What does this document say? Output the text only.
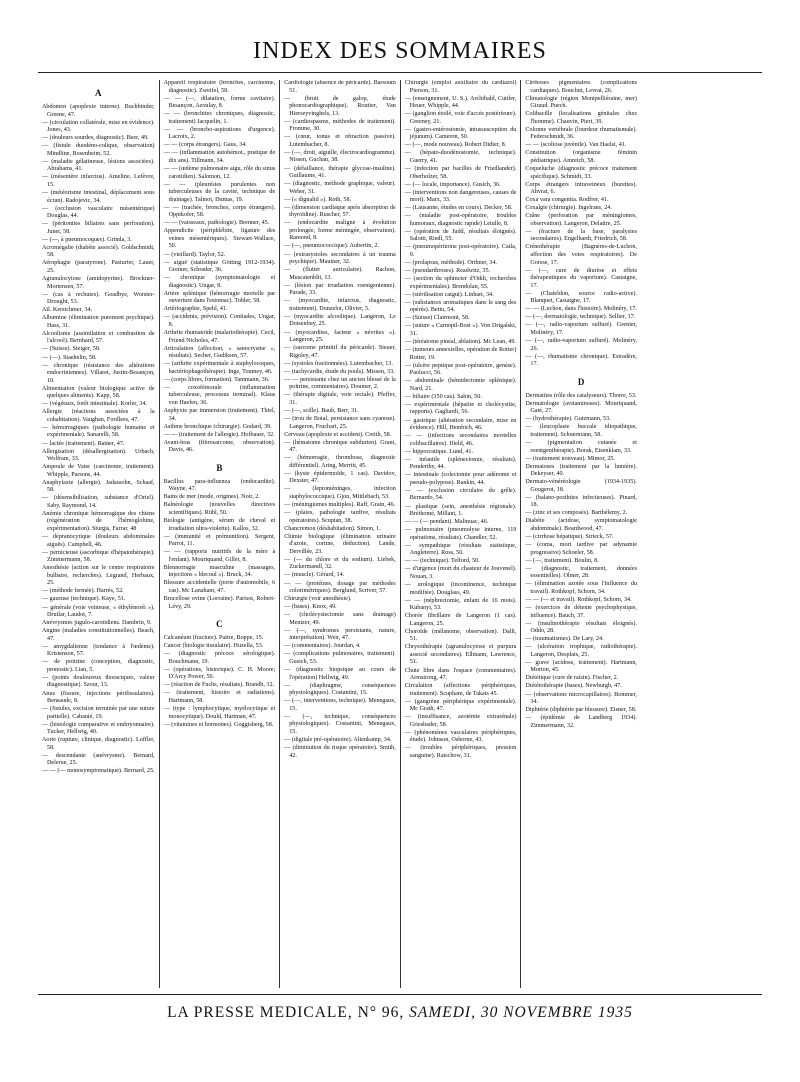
INDEX DES SOMMAIRES
A

Abdomen (apoplexie interne). Buchbinder, Greene, 47.

— (circulation collatérale, mise en évidence). Jones, 43.

— (douleurs sourdes, diagnostic). Beer, 49.

— (fistule duodéno-colique, observation) Mindline, Rosenheim, 52.

— (maladie gélatineuse, lésions associées). Abrahams, 41.

— (mésentère infarctus). Ameline, Lefèvre, 15.

— (météorisme intestinal, déplacement sous écran). Radojevic, 34.

— (occlusion vasculaire mésentérique) Douglas, 44.

— (péritonites biliaires sans perforation). Junet, 58.

— (—, à pneumocoques). Grinda, 3.

Acromégalie (diabète associé). Goldschmidt, 58.

Aérophagie (paratyrone). Pasturier, Lauer, 25.

Agranulocytose (amidopyrine). Brockner-Mortensen, 57.

— (cas à rechutes). Goadbye, Worster-Drought, 53.

Aïl. Kerstchmer, 34.

Albumine (élimination purement psychique). Hass, 31.

Alcoolisme (assimilation et combustion de l'alcool). Bernhard, 57.

— (Suisse). Steiger, 58.

— (—). Staehelin, 58.

— chronique (résistance des altérations endocriniennes). Villaret, Justin-Besançon, 10.

Alimentation (valeur biologique active de quelques aliments). Kapp, 58.

— (végétaux, forêt intestinale). Korler, 34.

Allergie (réactions associées à la cohabitation). Vaughan, Fordlees, 47.

— hémorragiques (pathologie humaine et expérimentale). Sanarelli, 58.

— lactée (traitement). Ratner, 47.

Allergisation (désallergisation). Urbach, Wolfram, 33.

Ampoule de Vater (carcinome, traitement). Whipple, Parsons, 44.

Anaphylaxie (allergie). Jadassohn, Schaaf, 58.

— (désensibilisation, substance d'Oriel). Saby, Raymond, 14.

Anémie chronique hémorragique des chiens (régénération de l'hémoglobine, expérimentation). Sturgis, Farrar, 48

— dépranocytique (douleurs abdominales aiguës). Campbell, 46.

— pernicieuse (ascorbique d'hépatothérapie). Zimmermann, 58.

Anesthésie (action sur le centre respiratoire bulbaire, recherches). Legrand, Herbaux, 25.

— (méthode fermée). Harrès, 52.

— gazeuse (technique). Kaye, 51.

— générale (voie veineuse, « éthylénoréi »). Druilar, Laudot, 7.

Anévrysmes jugulo-carotidiens. Dambrin, 9.

Angine (maladies constitutionnelles). Beach, 47.

— amygdalienne (tendance à l'œdème). Kristenson, 57.

— de poitrine (conception, diagnostic, pronostic). Lian, 5.

— (points douloureux thoraciques, valeur diagnostique). Szour, 13.

Anus (fissure, injections périfissulaires). Bensaude, 8.

— (fistules, excision terminée par une suture partielle). Cabanié, 19.

— (histologie comparative et embryonnaire). Tucker, Hellwig, 40.

Aorte (rupture, clinique, diagnostic). Loffler, 58.

— descendante (anévrysme). Bernard, Delerue, 25.

— — (— monosymptomatique). Bernard, 25.

Appareil respiratoire (bronches, carcinome, diagnostic). Zweifel, 58.

— — (—, dilatation, forme cavitaire). Besançon, Azoulay, 8.

— — (bronchites chroniques, diagnostic, traitement) Jacquelin, 1.

— — (broncho-aspirations d'urgence). Lacroix, 2.

— — (corps étrangers). Gaus, 34.

— — (inflammation autohémot., pratique de dix ans). Tillmann, 34.

— — (œdème pulmonaire aigu, rôle du sinus carotidien). Salomon, 12.

— — (pleurésies purulentes non tuberculeuses de la cavité, technique de drainage). Talmot, Dumas, 19.

— — (trachée, bronches, corps étrangers). Oppikofer, 58.

— — (vaisseaux, pathologie). Brenner, 45.

Appendicite (périphlébite, ligature des veines mésentériques). Stewart-Wallace, 50.

— (vieillard). Taylor, 52.

— aiguë (statistique Götting 1912-1934). Greiner, Schrader, 36.

— chronique (symptomatologie et diagnostic). Ungar, 8.

Artère splénique (hémorragie mortelle par ouverture dans l'estomac). Tobler, 58.

Artériographie, Spehl, 41.

— (accidents, prévision). Contiades, Ungar, 8.

Arthrite rhumatoïde (malariothérapie). Cecil, Friend Nicholes, 47.

Articulation (affection, « sanocrysine », résultats). Secher, Gudiksen, 57.

— (arthrite expérimentale à staphylocoques, bactériophagothérapie). Inge, Toumey, 46.

— (corps libres, formation). Tammann, 36.

— coxofémorale (inflammation tuberculeuse, processus terminal). Klaus von Haefen, 36.

Asphyxie par immersion (traitement). Thiel, 34.

Asthme bronchique (chirurgie). Godard, 39.

— — (traitement de l'allergie). Hofbauer, 32.

Avant-bras (fibrosarcome, observation). Davis, 46.

B

Bacillus para-influenza (endocardite). Wayne, 47.

Bains de mer (mode, origines). Noir, 2.

Balnéologie (nouvelles directives scientifiques). Rühl, 50.

Biologie (antigène, sérum de cheval et irradiation ultra-violette). Kallos, 32.

— (immunité et prémunition). Sergent, Parrot, 11.

— — (rapports nutritifs de la mère à l'enfant). Mouriquand, Gillet, 8.

Blennorragie masculine (massages, injections « blecoul »). Bruck, 34.

Blessure accidentelle (porte d'automobile, 6 cas). Mc Lanaham, 47.

Brucellose ovine (Lorraine). Parisot, Robert-Lévy, 29.

C

Calcanéum (fracture). Paitre, Boppe, 15.

Cancer (biologie tissulaire). Huzella, 53.

— (diagnostic précoce sérologique). Bouchmann, 19.

— (opérations, historique). C. H. Moore; D'Arcy Power, 50.

— (réaction de Fuchs, résultats). Brandh, 32.

— (traitement, histoire et radiations). Hartmann, 58.

— (type : lymphocytique, myélocytique et monocytique). Dould, Hartman, 47.

— (vitamines et hormones). Goggisberg, 58.

Cardiologie (absence de péricarde). Barsoum 51.

— (bruit de galop, étude phonocardiographique). Routier, Van Hierseyvinghels, 13.

— (cardiospasme, méthodes de traitement). Fromme, 30.

— (cœur, tonus et rétraction passive). Lutembacher, 8.

— (—, droit, aiguille, électrocardiogramme). Nissen, Guchan, 38.

— (défaillance, thérapie glycose-insuline). Guillaume, 41.

— (diagnostic, méthode graphique, valeur). Weber, 31.

— (« dignalid »). Roth, 58.

— (dimension cardiaque après absorption de thyroïdine). Ruscher, 57.

— (endocardite maligne à évolution prolongée, forme méningée, observation). Ramond, 8.

— (—, pneumococcique). Aubertin, 2.

— (extrasystoles secondaires à un trauma psychique). Mautner, 32.

— (flutter auriculaire). Rachon, Muscatenblit, 13.

— (lésion par irradiation roentgenienne). Parade, 33.

— (myocardite, infarctus, diagnostic, traitement). Donzelot, Olivier, 5.

— (myocardite alcoolique). Langeron, Le Dotsenbuy, 25.

— (myocardites, facteur « névrites »). Langeron, 25.

— (sarcome primitif du péricarde). Steuer, Rigoley, 47.

— (systoles fractionnées). Lutembacher, 13.

— (tachycardie, étude du pouls). Missen, 33.

— — persistante chez un ancien blessé de la poitrine, commentaires). Doumer, 2.

— (thérapie digitale, voie rectale). Pfeffer, 31.

— (—, scille). Bauh, Berr, 31.

— (trou de Botal, persistance sans cyanose). Langeron, Fruchart, 25.

Cerveau (apoplexie et accident). Creith, 58.

— (hématome chronique subdurien). Grant, 47.

— (hémorragie, thrombose, diagnostic différentiel). Aring, Merritt, 45.

— (kyste épidermoïde, 1 cas). Davidov, Dexster, 47.

— (leptoméninges, infection staphylococcique). Gjon, Mittlebach, 53.

— (méningiomes multiples). Raff, Grain, 46.

— (plaies, pathologie tardive, résultats opératoires). Scuptan, 38.

Chancremou (déshabitation). Simon, 1.

Chimie biologique (élimination urinaire d'azote, cortine, déduction). Lande, Dervillée, 23.

— (— du chlore et du sodium). Liebek, Zuckermandl, 32.

— (muscle). Gérard, 14.

— — (protéines, dosage par méthodes colorimétriques). Berglund, Scriver, 57.

Chirurgie (voir anesthésie).

— (bases). Knox, 49.

— (cholécystectomie sans drainage) Mentzer, 49.

— (—, syndromes persistants, nature, interprétation). Weir, 47.

— (commentaires). Jourdan, 4.

— (complications pulmonaires, traitement). Gusich, 53.

— (diagnostic biopsique au cours de l'opération) Hellwig, 49.

— (diaphragme, conséquences physiologiques). Costantini, 15.

— (—, interventions, technique). Menegaux, 15.

— (—, technique, conséquences physiologiques). Costantini, Menegaux, 15.

— (digitale pré-opératoire). Altenkamp, 34.

— (diminution du risque opératoire). Smith, 42.

Chirurgie (emploi auxiliaire du cardiazol) Pierson, 31.

— (enseignement, U. S.). Archibald, Cuttler, Heuer, Whipple, 44.

— (ganglion étoilé, voie d'accès postérieure). Greeney, 21.

— (gastro-entérostomie, intussusception du jéjunum). Cameron, 50.

— (—, mode nouveau). Robert Didier, 8.

— (hépato-duodénostomie, technique). Guerry, 41.

— (infection par bacilles de Friedlander). Oberholzer, 58.

— (— locale, importance). Gusich, 36.

— (interventions non dangereuses, causes de mort). Marx, 33.

— (Lausanne, études en cours). Decker, 58.

— (maladie post-opératoire, troubles humoraux, diagnostic rapide) Letulle, 8.

— (opération de Judd, résultats éloignés). Salotti, Riedl, 55.

— (pneumopéritoine post-opératoire). Catla, 9.

— (prolapsus, méthode). Orthner, 34.

— (pseudarthroses). Readwitz, 35.

— (section du sphincter d'Oddi, recherches expérimentales). Brendolan, 55.

— (stérilisation catgut). Linhart, 34.

— (substances aromatiques dans le sang des opérés). Bettu, 54.

— (Suisse) Clairmont, 58.

— (suture « Carnopil-Bost »). Von Drigalski, 31.

— (téréatome pinéal, ablation). Mc Lean, 49.

— (tumeurs annexielles, opération de Rotter) Rotter, 19.

— (ulcère peptique post-opératoire, genèse). Paolucci, 56.

— abdominale (hémidectomie splénique). Nard, 21.

— biliaire (350 cas). Sahin, 50.

— expérimentale (hépatite et cholécystite, rapports). Gagliardi, 56.

— gastrique (altération secondaire, mise en évidence). Hill, Hembich, 46.

— — (infections secondaires mortelles colibacillaires). Ifield, 46.

— hippocratique. Lund, 41.

— infantile (splénectomie, résultats). Penderthy, 44.

— intestinale (colectomie pour adénome et pseudo-polypose). Rankin, 44.

— — (exclusion circulaire du grêle). Bernardo, 54.

— plastique (sein, anesthésie régionale). Bréthomé, Millant, 1.

— — (— pendant). Malinuac, 46.

— pulmonaire (pneumolyse interne, 119 opérations, résultats). Chandler, 52.

— sympathique (résultats statistique, Angleterre). Ross, 50.

— — (technique). Telford, 50.

— d'urgence (mort du chasteur de Jouvenel). Nouan, 3.

— urologique (incontinence, technique modifiée). Douglass, 49.

— — (néphrectomie, enfant de 16 mois). Kubanyi, 53.

Chorée fibrillaire de Langeron (1 cas). Langeron, 25.

Choroïde (mélanome, observation). Dallt, 51.

Chrysothérapie (agranulocytose et purpura associé secondaires). Ellmann, Lawrence, 51.

Chute libre dans l'espace (commentaires). Armstrong, 47.

Circulation (affections périphériques, traitement). Scupham, de Takats 45.

— (gangrène périphérique expérimentale). Mc Grath, 47.

— (insuffisance, azotémie extrarénale) Griesbader, 58.

— (phénomènes vasculaires périphériques, étude). Johnson, Osborne, 43.

— (troubles périphériques, pression sanguine). Ratschow, 31.

Cirrhoses pigmentaires (complications cardiaques). Bouchut, Levrat, 26.

Climatologie (région Montpelliéraine, mer) Giraud. Puech.

Colibacille (localisations génitales chez l'homme). Chauvin, Pieri, 39.

Colonne vertébrale (lourdeur rhumatismale). Federschmidt, 36.

— — (scoliose juvénile). Van Haelst, 41.

Constitution (organisme féminin pédiatrique). Amreich, 58.

Coqueluche (diagnostic précoce traitement spécifique). Schmidt, 33.

Corps étrangers intraveineux (burettes). Ahvrat, 6.

Coxa vara congenita. Rodfrer, 41.

Coxalgie (chirurgie). Ingelrans, 24.

Crâne (perforation par méningiomes, observation). Langeron, Delattre, 25.

— (fracture de la base, paralysies secondaires). Engelhardt, Friedrich, 58.

Crénothérapie (Bagnères-de-Luchon, affection des voies respiratoires). De Gorsse, 17.

— (—, cure de diurèse et effets thérapeutiques du vaporium). Castaigne, 17.

— (Chateldon, source radio-active). Blanquet, Castaigne, 17.

— — (Luchon, dans l'histoire). Molinéry, 17.

— (—, dermatologie, technique). Sellier, 17.

— (—, radio-vaporium sulfuré). Grenier, Molinéry, 17.

— (—, radio-vaporium sulfuré). Molinéry, 26.

— (—, rhumatisme chronique). Estradère, 17.

D

Dermatites (rôle des catalyseurs). Thorre, 53.

Dermatologie (avitaminoses). Mouriquand, Gaté, 27.

— (hydrothérapie). Gutzmann, 53.

— (leucoplasie buccale idiopathique, traitement). Schuermann, 58.

— (pigmentation cutanée et roentgenthérapie). Borak, Eisenklam, 33.

— (traitement nouveau). Mimor, 25.

Dermatoses (traitement par la lumière). Dekeyser, 40.

Dermato-vénéréologie (1934-1935). Gougerot, 18.

— (balano-posthites infectieuses). Pinard, 18.

— (zinc et ses composés). Barthélemy, 2.

Diabète (acidose, symptomatologie abdominale). Beardwood, 47.

— (cirrhose hépatique). Strieck, 57.

— (coma, mort tardive par adynamie progressive) Schoeler, 58.

— (—, traitement). Boulin, 8.

— (diagnostic, traitement, données essentielles). Olmer, 28.

— (élimination azotée sous l'influence du travail). Rothkopf, Schorn, 34.

— — (— et travail). Rothkopf, Schorn, 34.

— (exercices de détente psychophysique, influence). Bauch, 37.

— (insulinothérapie résultats éloignés). Oddo, 28.

— (traumatismes). De Lary, 24.

— (ulcération trophique, radiothérapie). Langeron, Desplats, 25.

— grave (acidose, traitement). Hartmann, Morton, 45.

Diététique (cure de raisin). Fischer, 2.

Diététothérapie (bases). Newburgh, 47.

— (observations microcapillaires). Bommer, 34.

Diphtérie (diphtérie par blessure). Eisner, 58.

— (épidémie de Landberg 1934). Zimmermann, 32.

LA PRESSE MEDICALE, N° 96, SAMEDI, 30 NOVEMBRE 1935
